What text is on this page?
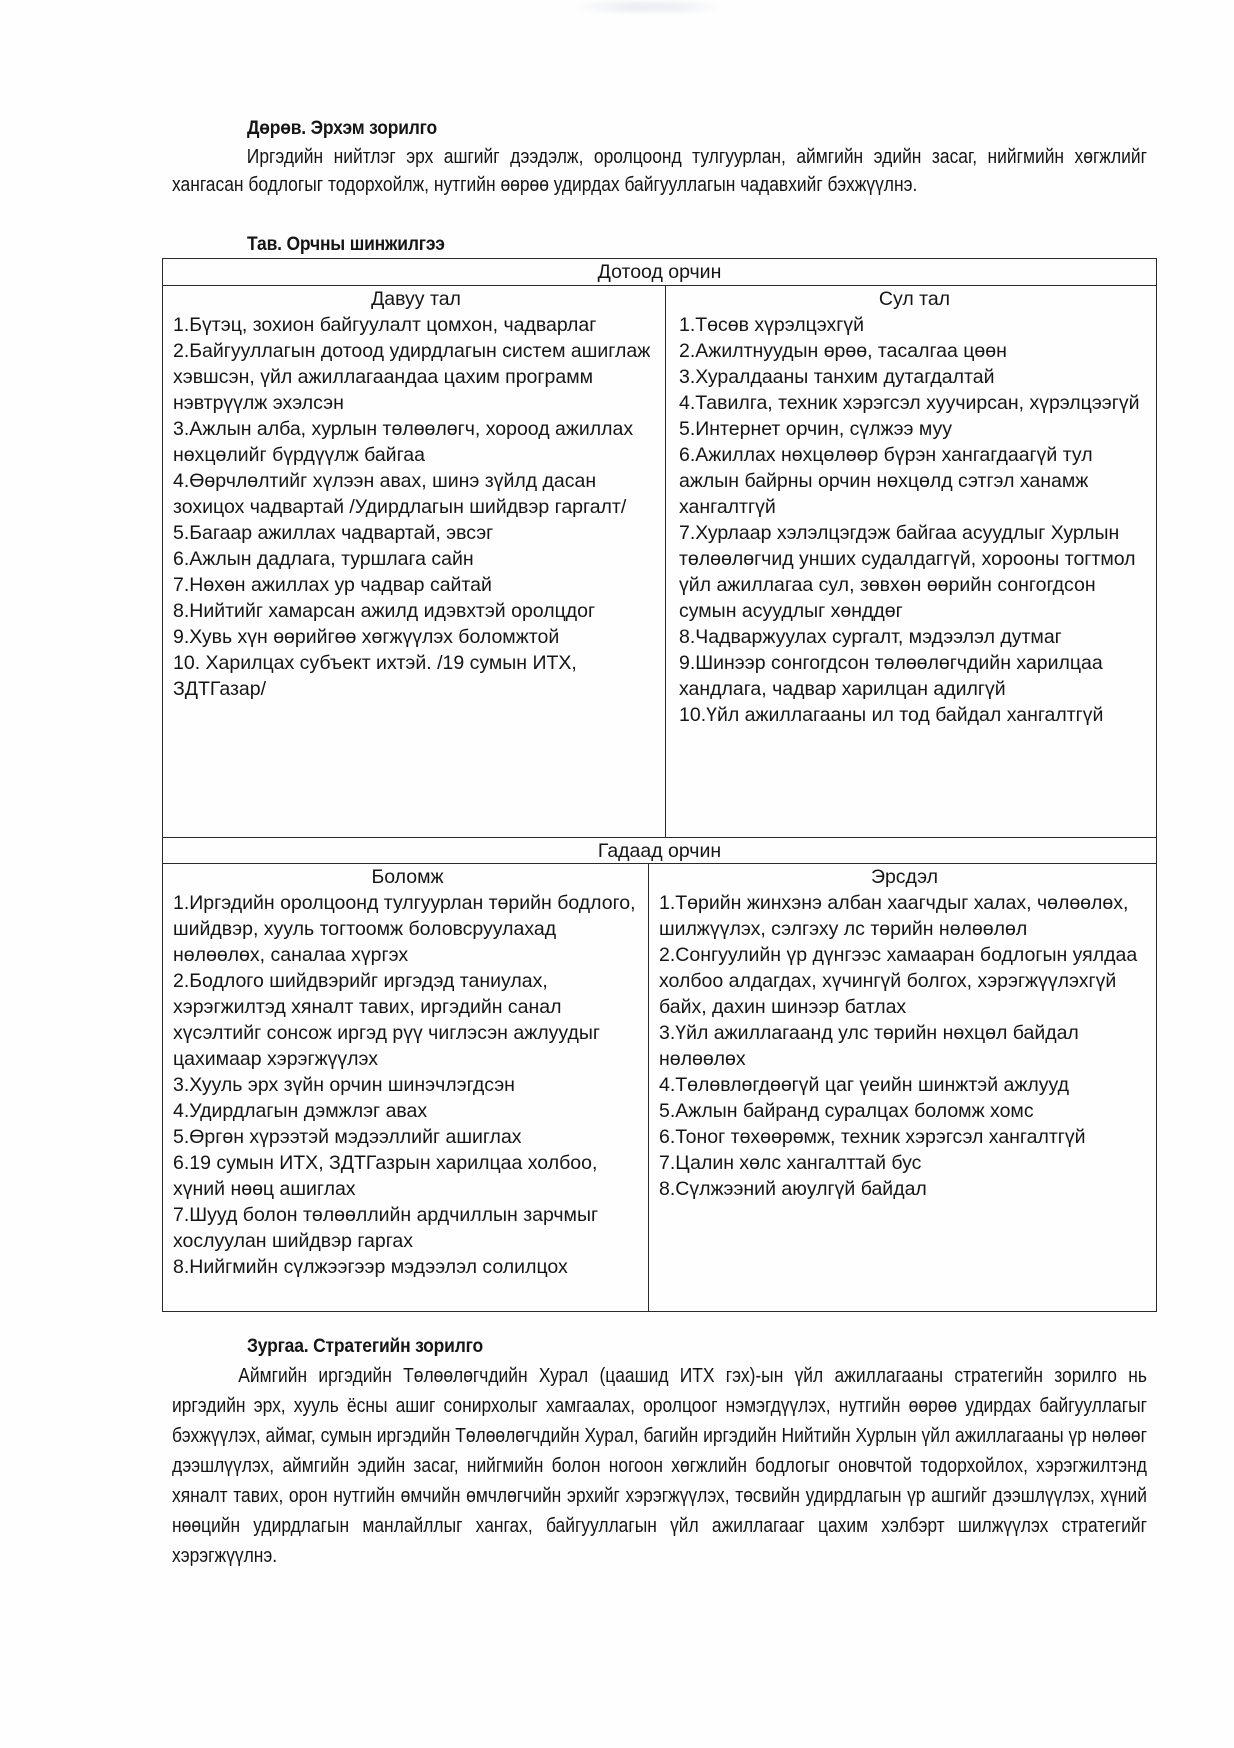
Дөрөв. Эрхэм зорилго

Иргэдийн нийтлэг эрх ашгийг дээдэлж, оролцоонд тулгуурлан, аймгийн эдийн засаг, нийгмийн хөгжлийг хангасан бодлогыг тодорхойлж, нутгийн өөрөө удирдах байгууллагын чадавхийг бэхжүүлнэ.

Тав. Орчны шинжилгээ

Дотоод орчин

Давуу тал

1.Бүтэц, зохион байгуулалт цомхон, чадварлаг
2.Байгууллагын дотоод удирдлагын систем ашиглаж хэвшсэн, үйл ажиллагаандаа цахим программ нэвтрүүлж эхэлсэн
3.Ажлын алба, хурлын төлөөлөгч, хороод ажиллах нөхцөлийг бүрдүүлж байгаа
4.Өөрчлөлтийг хүлээн авах, шинэ зүйлд дасан зохицох чадвартай /Удирдлагын шийдвэр гаргалт/
5.Багаар ажиллах чадвартай, эвсэг
6.Ажлын дадлага, туршлага сайн
7.Нөхөн ажиллах ур чадвар сайтай
8.Нийтийг хамарсан ажилд идэвхтэй оролцдог
9.Хувь хүн өөрийгөө хөгжүүлэх боломжтой
10. Харилцах субъект ихтэй. /19 сумын ИТХ, ЗДТГазар/

Сул тал

1.Төсөв хүрэлцэхгүй
2.Ажилтнуудын өрөө, тасалгаа цөөн
3.Хуралдааны танхим дутагдалтай
4.Тавилга, техник хэрэгсэл хуучирсан, хүрэлцээгүй
5.Интернет орчин, сүлжээ муу
6.Ажиллах нөхцөлөөр бүрэн хангагдаагүй тул ажлын байрны орчин нөхцөлд сэтгэл ханамж хангалтгүй
7.Хурлаар хэлэлцэгдэж байгаа асуудлыг Хурлын төлөөлөгчид унших судалдаггүй, хорооны тогтмол үйл ажиллагаа сул, зөвхөн өөрийн сонгогдсон сумын асуудлыг хөнддөг
8.Чадваржуулах сургалт, мэдээлэл дутмаг
9.Шинээр сонгогдсон төлөөлөгчдийн харилцаа хандлага, чадвар харилцан адилгүй
10.Үйл ажиллагааны ил тод байдал хангалтгүй
Гадаад орчин

Боломж

1.Иргэдийн оролцоонд тулгуурлан төрийн бодлого, шийдвэр, хууль тогтоомж боловсруулахад нөлөөлөх, саналаа хүргэх
2.Бодлого шийдвэрийг иргэдэд таниулах, хэрэгжилтэд хяналт тавих, иргэдийн санал хүсэлтийг сонсож иргэд рүү чиглэсэн ажлуудыг цахимаар хэрэгжүүлэх
3.Хууль эрх зүйн орчин шинэчлэгдсэн
4.Удирдлагын дэмжлэг авах
5.Өргөн хүрээтэй мэдээллийг ашиглах
6.19 сумын ИТХ, ЗДТГазрын харилцаа холбоо, хүний нөөц ашиглах
7.Шууд болон төлөөллийн ардчиллын зарчмыг хослуулан шийдвэр гаргах
8.Нийгмийн сүлжээгээр мэдээлэл солилцох

Эрсдэл

1.Төрийн жинхэнэ албан хаагчдыг халах, чөлөөлөх, шилжүүлэх, сэлгэху лс төрийн нөлөөлөл
2.Сонгуулийн үр дүнгээс хамааран бодлогын уялдаа холбоо алдагдах, хүчингүй болгох, хэрэгжүүлэхгүй байх, дахин шинээр батлах
3.Үйл ажиллагаанд улс төрийн нөхцөл байдал нөлөөлөх
4.Төлөвлөгдөөгүй цаг үеийн шинжтэй ажлууд
5.Ажлын байранд суралцах боломж хомс
6.Тоног төхөөрөмж, техник хэрэгсэл хангалтгүй
7.Цалин хөлс хангалттай бус
8.Сүлжээний аюулгүй байдал

Зургаа. Стратегийн зорилго

Аймгийн иргэдийн Төлөөлөгчдийн Хурал (цаашид ИТХ гэх)-ын үйл ажиллагааны стратегийн зорилго нь иргэдийн эрх, хууль ёсны ашиг сонирхолыг хамгаалах, оролцоог нэмэгдүүлэх, нутгийн өөрөө удирдах байгууллагыг бэхжүүлэх, аймаг, сумын иргэдийн Төлөөлөгчдийн Хурал, багийн иргэдийн Нийтийн Хурлын үйл ажиллагааны үр нөлөөг дээшлүүлэх, аймгийн эдийн засаг, нийгмийн болон ногоон хөгжлийн бодлогыг оновчтой тодорхойлох, хэрэгжилтэнд хяналт тавих, орон нутгийн өмчийн өмчлөгчийн эрхийг хэрэгжүүлэх, төсвийн удирдлагын үр ашгийг дээшлүүлэх, хүний нөөцийн удирдлагын манлайллыг хангах, байгууллагын үйл ажиллагааг цахим хэлбэрт шилжүүлэх стратегийг хэрэгжүүлнэ.
